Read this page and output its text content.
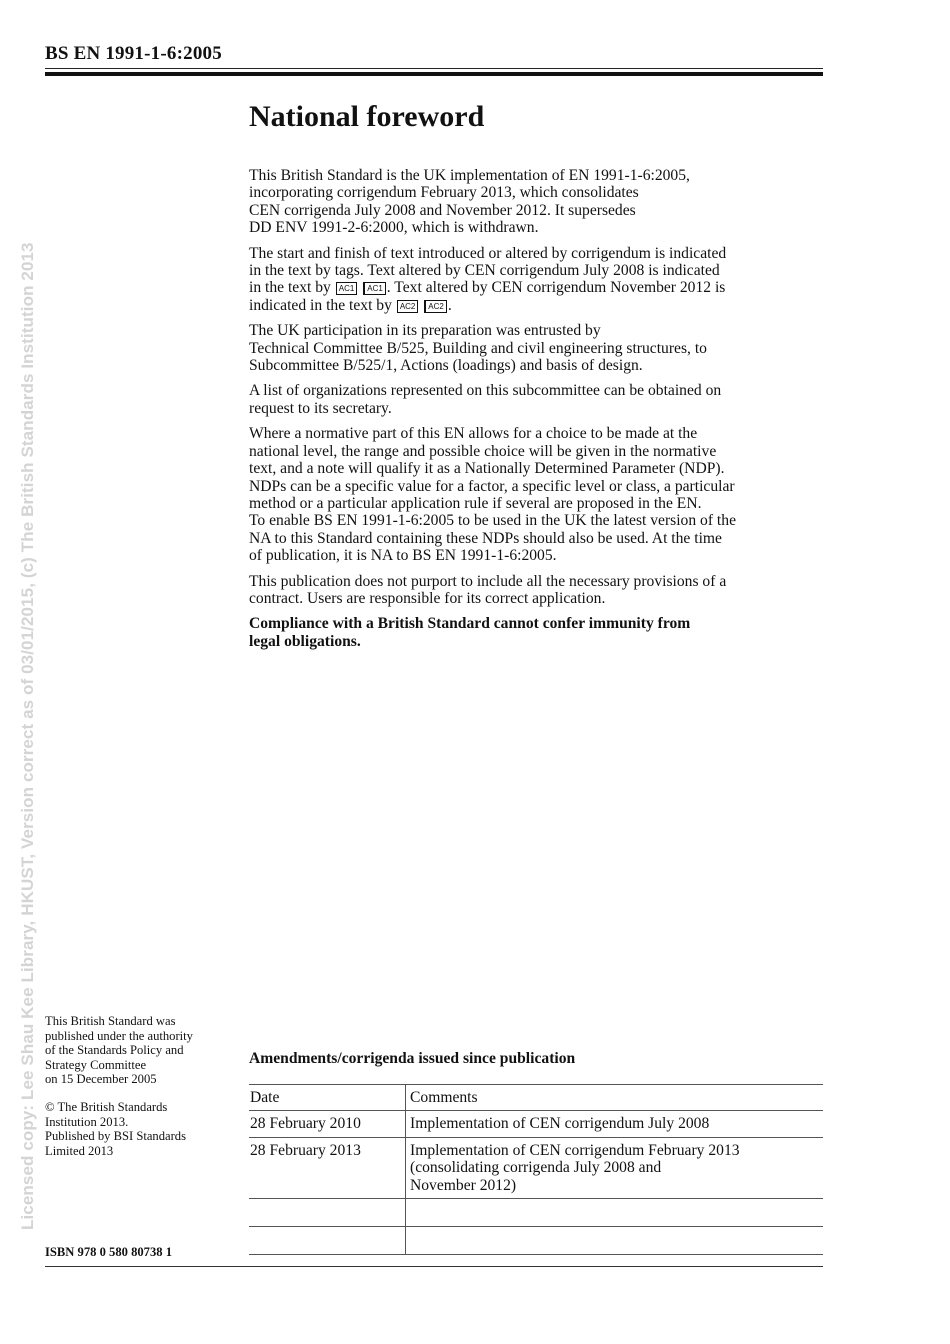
BS EN 1991-1-6:2005
Licensed copy: Lee Shau Kee Library, HKUST, Version correct as of 03/01/2015, (c) The British Standards Institution 2013
National foreword

This British Standard is the UK implementation of EN 1991-1-6:2005,
incorporating corrigendum February 2013, which consolidates
CEN corrigenda July 2008 and November 2012. It supersedes
DD ENV 1991-2-6:2000, which is withdrawn.

The start and finish of text introduced or altered by corrigendum is indicated
in the text by tags. Text altered by CEN corrigendum July 2008 is indicated
in the text by AC1 AC1 . Text altered by CEN corrigendum November 2012 is
indicated in the text by AC2 AC2 .

The UK participation in its preparation was entrusted by
Technical Committee B/525, Building and civil engineering structures, to
Subcommittee B/525/1, Actions (loadings) and basis of design.

A list of organizations represented on this subcommittee can be obtained on
request to its secretary.

Where a normative part of this EN allows for a choice to be made at the
national level, the range and possible choice will be given in the normative
text, and a note will qualify it as a Nationally Determined Parameter (NDP).
NDPs can be a specific value for a factor, a specific level or class, a particular
method or a particular application rule if several are proposed in the EN.
To enable BS EN 1991-1-6:2005 to be used in the UK the latest version of the
NA to this Standard containing these NDPs should also be used. At the time
of publication, it is NA to BS EN 1991-1-6:2005.

This publication does not purport to include all the necessary provisions of a
contract. Users are responsible for its correct application.

Compliance with a British Standard cannot confer immunity from
legal obligations.

This British Standard was
published under the authority
of the Standards Policy and
Strategy Committee
on 15 December 2005
© The British Standards
Institution 2013.
Published by BSI Standards
Limited 2013
Amendments/corrigenda issued since publication
Date	Comments
28 February 2010	Implementation of CEN corrigendum July 2008

28 February 2013	Implementation of CEN corrigendum February 2013
(consolidating corrigenda July 2008 and
November 2012)

ISBN 978 0 580 80738 1
